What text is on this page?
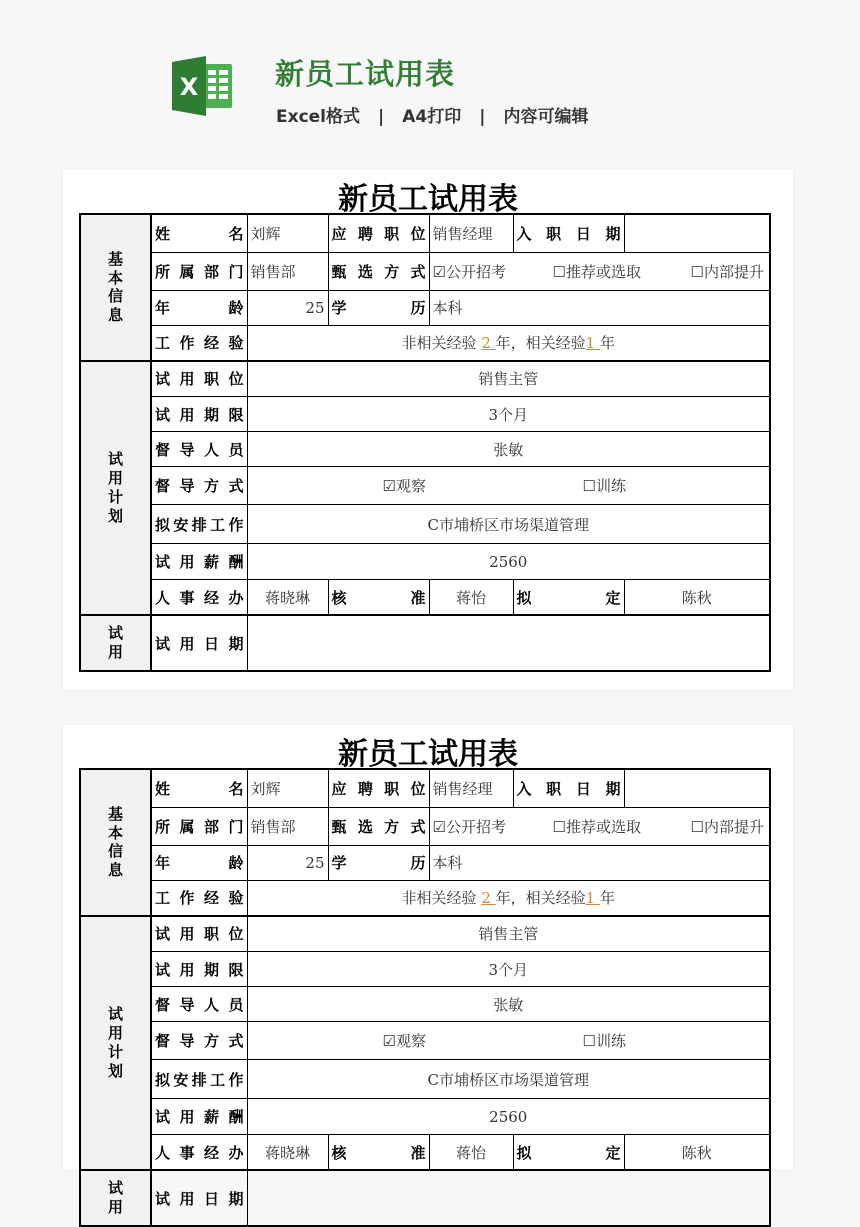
X	新员工试用表
Excel格式 | A4打印 | 内容可编辑
新员工试用表
基本信息	姓名	刘辉	应聘职位	销售经理	入职日期	
	所属部门	销售部	甄选方式	☑公开招考 ☐推荐或选取 ☐内部提升		
	年龄	25	学历	本科		
	工作经验	非相关经验 2 年，相关经验1 年				
试用计划	试用职位	销售主管				
	试用期限	3个月				
	督导人员	张敏				
	督导方式	☑观察 ☐训练				
	拟安排工作	C市埔桥区市场渠道管理				
	试用薪酬	2560				
	人事经办	蒋晓琳	核准	蒋怡	拟定	陈秋
试用	试用日期					
新员工试用表
基本信息	姓名	刘辉	应聘职位	销售经理	入职日期	
	所属部门	销售部	甄选方式	☑公开招考 ☐推荐或选取 ☐内部提升		
	年龄	25	学历	本科		
	工作经验	非相关经验 2 年，相关经验1 年				
试用计划	试用职位	销售主管				
	试用期限	3个月				
	督导人员	张敏				
	督导方式	☑观察 ☐训练				
	拟安排工作	C市埔桥区市场渠道管理				
	试用薪酬	2560				
	人事经办	蒋晓琳	核准	蒋怡	拟定	陈秋
试用	试用日期					
